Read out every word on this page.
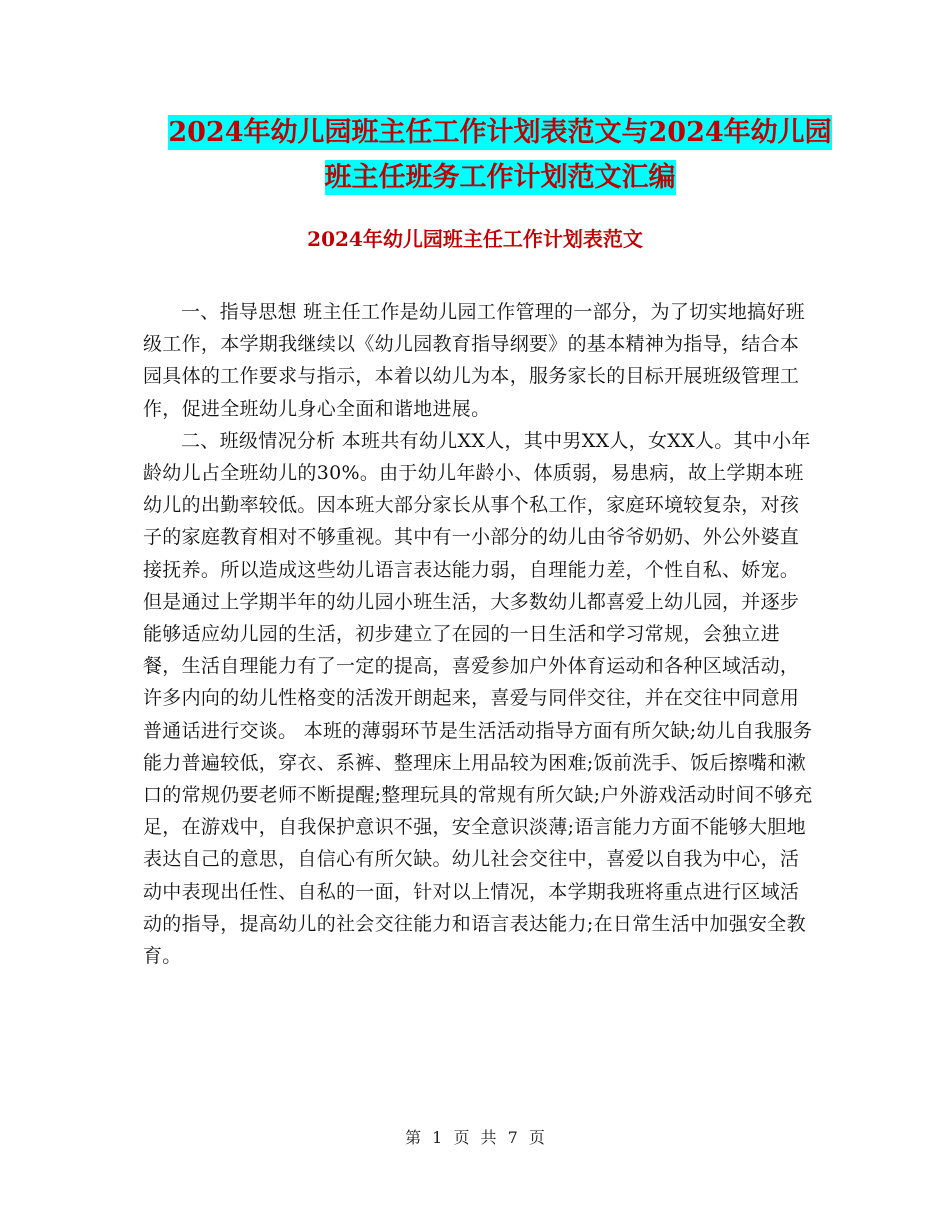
2024年幼儿园班主任工作计划表范文与2024年幼儿园
班主任班务工作计划范文汇编
2024年幼儿园班主任工作计划表范文

一、指导思想 班主任工作是幼儿园工作管理的一部分，为了切实地搞好班级工作，本学期我继续以《幼儿园教育指导纲要》的基本精神为指导，结合本园具体的工作要求与指示，本着以幼儿为本，服务家长的目标开展班级管理工作，促进全班幼儿身心全面和谐地进展。

二、班级情况分析 本班共有幼儿XX人，其中男XX人，女XX人。其中小年龄幼儿占全班幼儿的30%。由于幼儿年龄小、体质弱，易患病，故上学期本班幼儿的出勤率较低。因本班大部分家长从事个私工作，家庭环境较复杂，对孩子的家庭教育相对不够重视。其中有一小部分的幼儿由爷爷奶奶、外公外婆直接抚养。所以造成这些幼儿语言表达能力弱，自理能力差，个性自私、娇宠。 但是通过上学期半年的幼儿园小班生活，大多数幼儿都喜爱上幼儿园，并逐步能够适应幼儿园的生活，初步建立了在园的一日生活和学习常规，会独立进餐，生活自理能力有了一定的提高，喜爱参加户外体育运动和各种区域活动，许多内向的幼儿性格变的活泼开朗起来，喜爱与同伴交往，并在交往中同意用普通话进行交谈。 本班的薄弱环节是生活活动指导方面有所欠缺;幼儿自我服务能力普遍较低，穿衣、系裤、整理床上用品较为困难;饭前洗手、饭后擦嘴和漱口的常规仍要老师不断提醒;整理玩具的常规有所欠缺;户外游戏活动时间不够充足，在游戏中，自我保护意识不强，安全意识淡薄;语言能力方面不能够大胆地表达自己的意思，自信心有所欠缺。幼儿社会交往中，喜爱以自我为中心，活动中表现出任性、自私的一面，针对以上情况，本学期我班将重点进行区域活动的指导，提高幼儿的社会交往能力和语言表达能力;在日常生活中加强安全教育。

第 1 页 共 7 页
